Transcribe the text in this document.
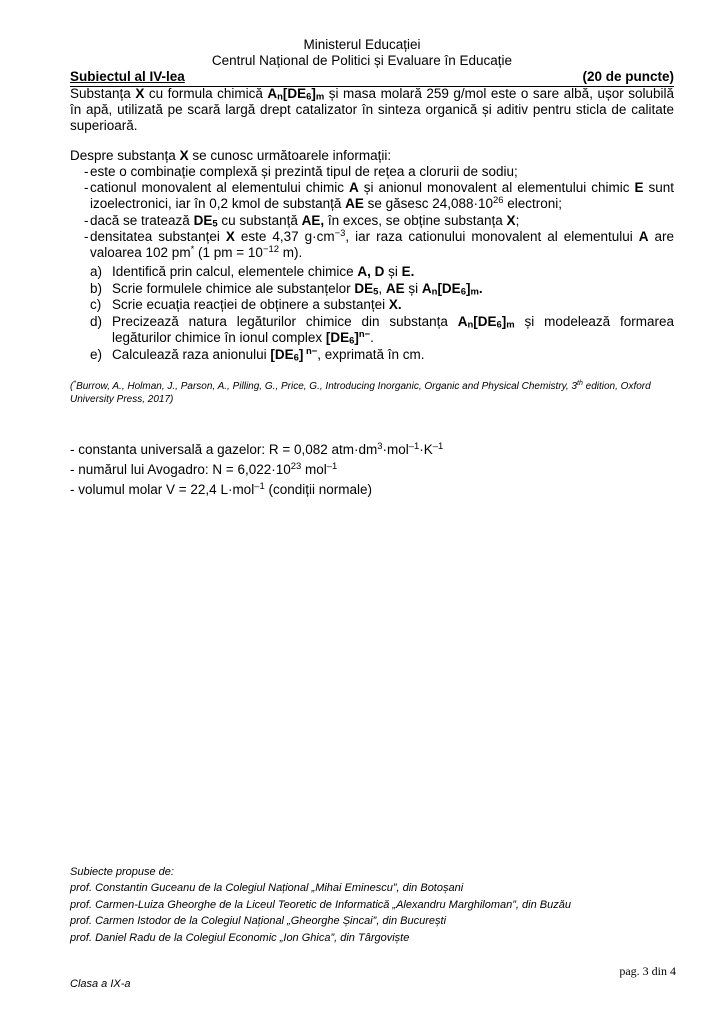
Ministerul Educației
Centrul Național de Politici și Evaluare în Educație
Subiectul al IV-lea	(20 de puncte)
Substanța X cu formula chimică $A_n[DE_6]_m$ și masa molară 259 g/mol este o sare albă, ușor solubilă în apă, utilizată pe scară largă drept catalizator în sinteza organică și aditiv pentru sticla de calitate superioară.
Despre substanța X se cunosc următoarele informații:
- este o combinație complexă și prezintă tipul de rețea a clorurii de sodiu;
- cationul monovalent al elementului chimic A și anionul monovalent al elementului chimic E sunt izoelectronici, iar în 0,2 kmol de substanță AE se găsesc $24,088\cdot 10^{26}$ electroni;
- dacă se tratează $DE_5$ cu substanță AE, în exces, se obține substanța X;
- densitatea substanței X este 4,37 $g\cdot cm^{-3}$, iar raza cationului monovalent al elementului A are valoarea 102 pm* (1 pm = $10^{-12}$ m).
a) Identifică prin calcul, elementele chimice A, D și E.
b) Scrie formulele chimice ale substanțelor $DE_5$, AE și $A_n[DE_6]_m$.
c) Scrie ecuația reacției de obținere a substanței X.
d) Precizează natura legăturilor chimice din substanța $A_n[DE_6]_m$ și modelează formarea legăturilor chimice în ionul complex $[DE_6]^{n-}$.
e) Calculează raza anionului $[DE_6]$ $^{n-}$, exprimată în cm.
(*Burrow, A., Holman, J., Parson, A., Pilling, G., Price, G., Introducing Inorganic, Organic and Physical Chemistry, 3th edition, Oxford University Press, 2017)
- constanta universală a gazelor: R = 0,082 $atm\cdot dm^3\cdot mol^{-1}\cdot K^{-1}$
- numărul lui Avogadro: $N = 6,022\cdot 10^{23}$ mol$^{-1}$
- volumul molar V = 22,4 L·mol$^{-1}$ (condiții normale)
Subiecte propuse de:
prof. Constantin Guceanu de la Colegiul Național „Mihai Eminescu”, din Botoșani
prof. Carmen-Luiza Gheorghe de la Liceul Teoretic de Informatică „Alexandru Marghiloman”, din Buzău
prof. Carmen Istodor de la Colegiul Național „Gheorghe Șincai”, din București
prof. Daniel Radu de la Colegiul Economic „Ion Ghica”, din Târgoviște
pag. 3 din 4
Clasa a IX-a
